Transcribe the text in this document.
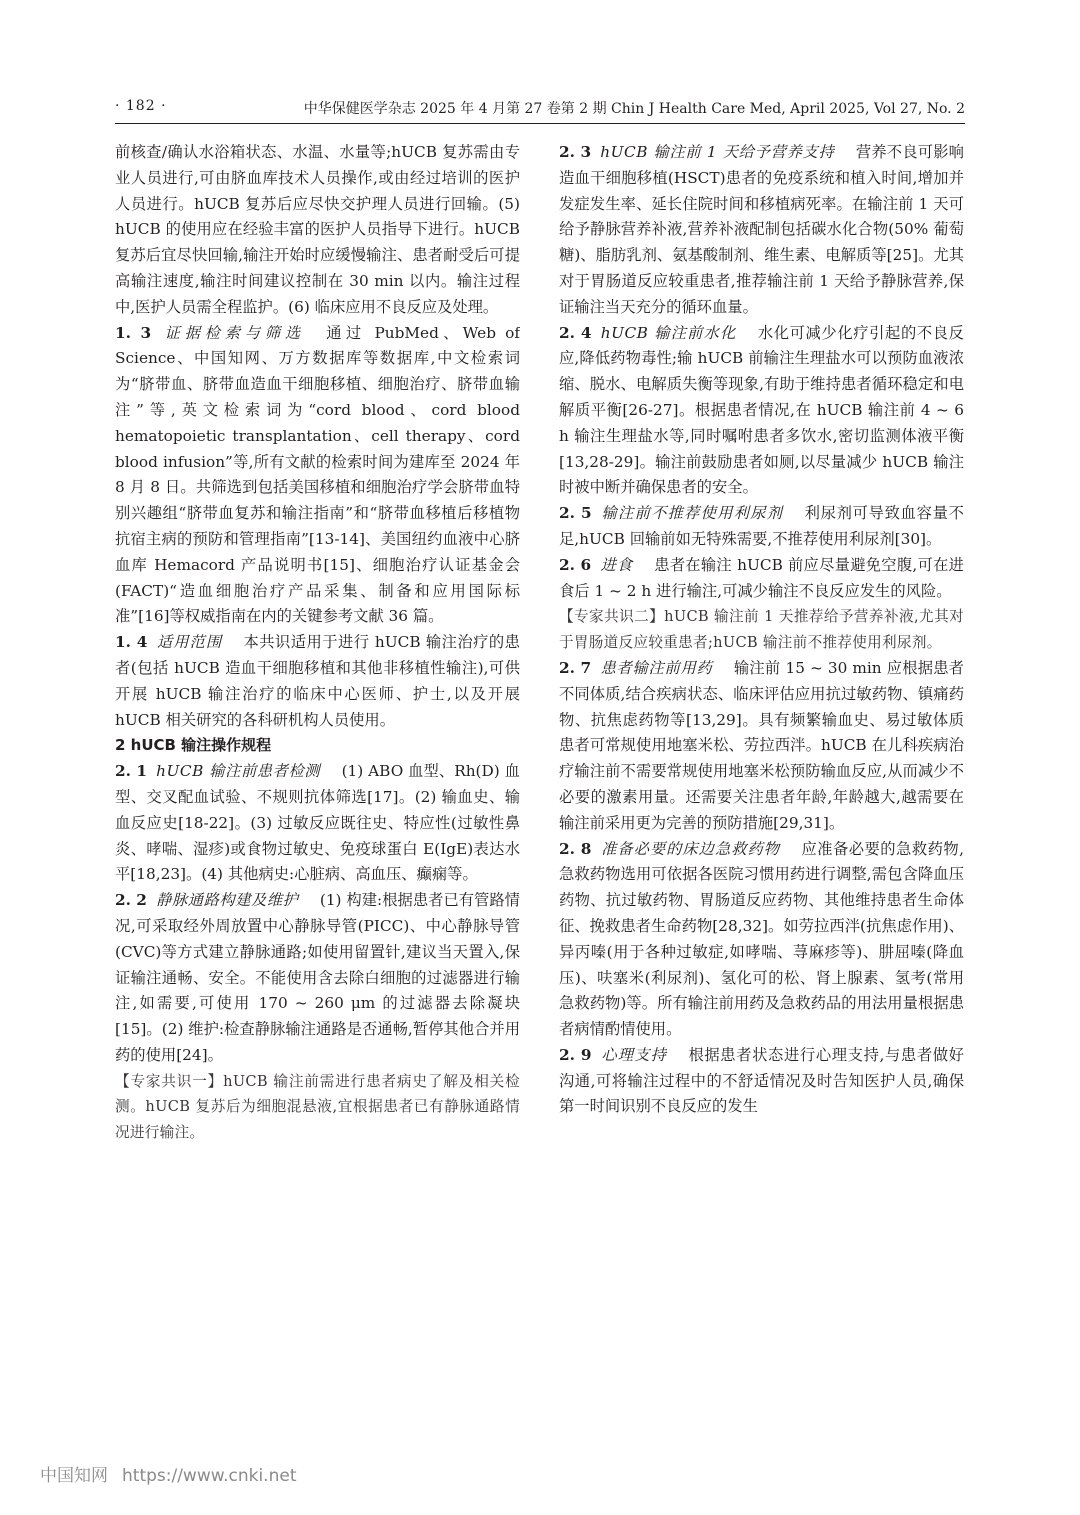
· 182 ·	中华保健医学杂志 2025 年 4 月第 27 卷第 2 期 Chin J Health Care Med, April 2025, Vol 27, No. 2

前核查/确认水浴箱状态、水温、水量等;hUCB 复苏需由专业人员进行,可由脐血库技术人员操作,或由经过培训的医护人员进行。hUCB 复苏后应尽快交护理人员进行回输。(5) hUCB 的使用应在经验丰富的医护人员指导下进行。hUCB 复苏后宜尽快回输,输注开始时应缓慢输注、患者耐受后可提高输注速度,输注时间建议控制在 30 min 以内。输注过程中,医护人员需全程监护。(6) 临床应用不良反应及处理。

1. 3 证据检索与筛选 通过 PubMed、Web of Science、中国知网、万方数据库等数据库,中文检索词为“脐带血、脐带血造血干细胞移植、细胞治疗、脐带血输注”等,英文检索词为“cord blood、cord blood hematopoietic transplantation、cell therapy、cord blood infusion”等,所有文献的检索时间为建库至 2024 年 8 月 8 日。共筛选到包括美国移植和细胞治疗学会脐带血特别兴趣组“脐带血复苏和输注指南”和“脐带血移植后移植物抗宿主病的预防和管理指南”[13-14]、美国纽约血液中心脐血库 Hemacord 产品说明书[15]、细胞治疗认证基金会(FACT)“造血细胞治疗产品采集、制备和应用国际标准”[16]等权威指南在内的关键参考文献 36 篇。

1. 4 适用范围 本共识适用于进行 hUCB 输注治疗的患者(包括 hUCB 造血干细胞移植和其他非移植性输注),可供开展 hUCB 输注治疗的临床中心医师、护士,以及开展 hUCB 相关研究的各科研机构人员使用。

2 hUCB 输注操作规程

2. 1 hUCB 输注前患者检测 (1) ABO 血型、Rh(D) 血型、交叉配血试验、不规则抗体筛选[17]。(2) 输血史、输血反应史[18-22]。(3) 过敏反应既往史、特应性(过敏性鼻炎、哮喘、湿疹)或食物过敏史、免疫球蛋白 E(IgE)表达水平[18,23]。(4) 其他病史:心脏病、高血压、癫痫等。

2. 2 静脉通路构建及维护 (1) 构建:根据患者已有管路情况,可采取经外周放置中心静脉导管(PICC)、中心静脉导管(CVC)等方式建立静脉通路;如使用留置针,建议当天置入,保证输注通畅、安全。不能使用含去除白细胞的过滤器进行输注,如需要,可使用 170 ~ 260 μm 的过滤器去除凝块[15]。(2) 维护:检查静脉输注通路是否通畅,暂停其他合并用药的使用[24]。

【专家共识一】hUCB 输注前需进行患者病史了解及相关检测。hUCB 复苏后为细胞混悬液,宜根据患者已有静脉通路情况进行输注。

2. 3 hUCB 输注前 1 天给予营养支持 营养不良可影响造血干细胞移植(HSCT)患者的免疫系统和植入时间,增加并发症发生率、延长住院时间和移植病死率。在输注前 1 天可给予静脉营养补液,营养补液配制包括碳水化合物(50% 葡萄糖)、脂肪乳剂、氨基酸制剂、维生素、电解质等[25]。尤其对于胃肠道反应较重患者,推荐输注前 1 天给予静脉营养,保证输注当天充分的循环血量。

2. 4 hUCB 输注前水化 水化可减少化疗引起的不良反应,降低药物毒性;输 hUCB 前输注生理盐水可以预防血液浓缩、脱水、电解质失衡等现象,有助于维持患者循环稳定和电解质平衡[26-27]。根据患者情况,在 hUCB 输注前 4 ~ 6 h 输注生理盐水等,同时嘱咐患者多饮水,密切监测体液平衡[13,28-29]。输注前鼓励患者如厕,以尽量减少 hUCB 输注时被中断并确保患者的安全。

2. 5 输注前不推荐使用利尿剂 利尿剂可导致血容量不足,hUCB 回输前如无特殊需要,不推荐使用利尿剂[30]。

2. 6 进食 患者在输注 hUCB 前应尽量避免空腹,可在进食后 1 ~ 2 h 进行输注,可减少输注不良反应发生的风险。

【专家共识二】hUCB 输注前 1 天推荐给予营养补液,尤其对于胃肠道反应较重患者;hUCB 输注前不推荐使用利尿剂。

2. 7 患者输注前用药 输注前 15 ~ 30 min 应根据患者不同体质,结合疾病状态、临床评估应用抗过敏药物、镇痛药物、抗焦虑药物等[13,29]。具有频繁输血史、易过敏体质患者可常规使用地塞米松、劳拉西泮。hUCB 在儿科疾病治疗输注前不需要常规使用地塞米松预防输血反应,从而减少不必要的激素用量。还需要关注患者年龄,年龄越大,越需要在输注前采用更为完善的预防措施[29,31]。

2. 8 准备必要的床边急救药物 应准备必要的急救药物,急救药物选用可依据各医院习惯用药进行调整,需包含降血压药物、抗过敏药物、胃肠道反应药物、其他维持患者生命体征、挽救患者生命药物[28,32]。如劳拉西泮(抗焦虑作用)、异丙嗪(用于各种过敏症,如哮喘、荨麻疹等)、肼屈嗪(降血压)、呋塞米(利尿剂)、氢化可的松、肾上腺素、氢考(常用急救药物)等。所有输注前用药及急救药品的用法用量根据患者病情酌情使用。

2. 9 心理支持 根据患者状态进行心理支持,与患者做好沟通,可将输注过程中的不舒适情况及时告知医护人员,确保第一时间识别不良反应的发生

中国知网 https://www.cnki.net
